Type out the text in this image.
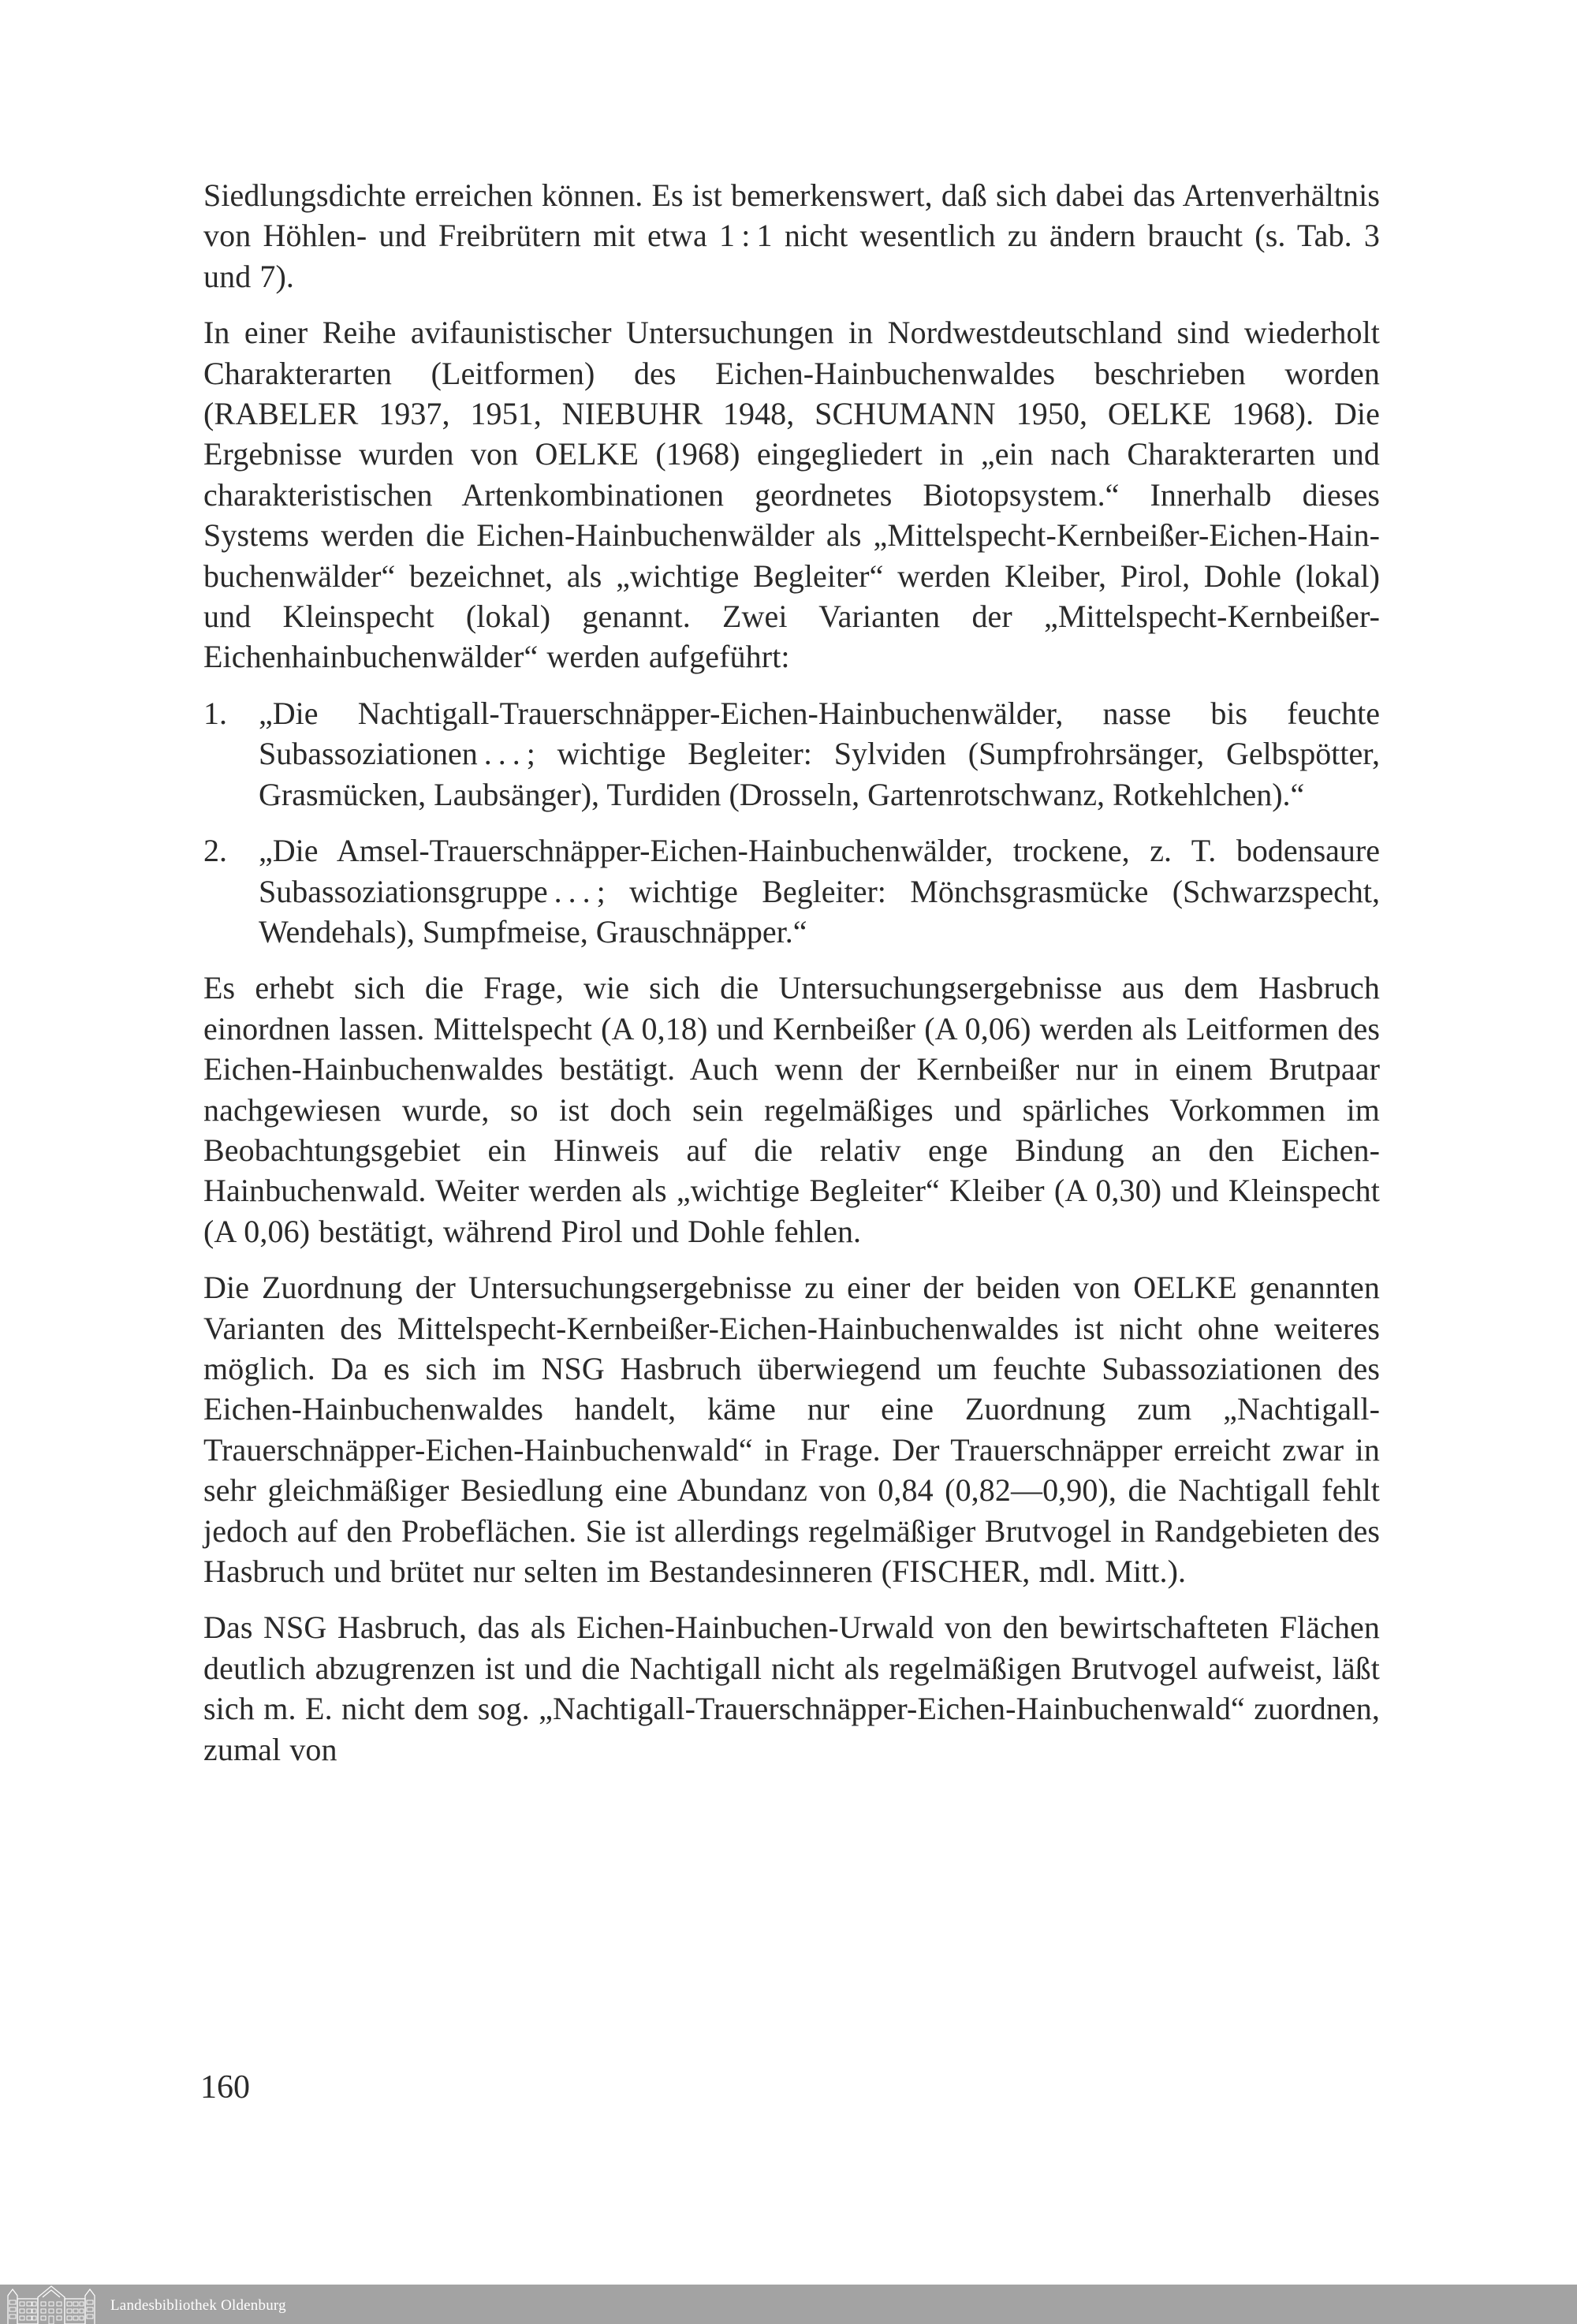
Siedlungsdichte erreichen können. Es ist bemerkenswert, daß sich dabei das Artenverhältnis von Höhlen- und Freibrütern mit etwa 1 : 1 nicht wesentlich zu ändern braucht (s. Tab. 3 und 7).

In einer Reihe avifaunistischer Untersuchungen in Nordwestdeutschland sind wiederholt Charakterarten (Leitformen) des Eichen-Hainbuchenwaldes beschrieben worden (RABELER 1937, 1951, NIEBUHR 1948, SCHUMANN 1950, OELKE 1968). Die Ergebnisse wurden von OELKE (1968) eingegliedert in „ein nach Charakterarten und charakteristischen Artenkombinationen geordnetes Biotopsystem.“ Innerhalb dieses Systems werden die Eichen-Hainbuchenwälder als „Mittelspecht-Kernbeißer-Eichen-Hainbuchenwälder“ bezeichnet, als „wichtige Begleiter“ werden Kleiber, Pirol, Dohle (lokal) und Kleinspecht (lokal) genannt. Zwei Varianten der „Mittelspecht-Kernbeißer-Eichenhainbuchenwälder“ werden aufgeführt:

1.	„Die Nachtigall-Trauerschnäpper-Eichen-Hainbuchenwälder, nasse bis feuchte Subassoziationen . . . ; wichtige Begleiter: Sylviden (Sumpfrohrsänger, Gelbspötter, Grasmücken, Laubsänger), Turdiden (Drosseln, Gartenrotschwanz, Rotkehlchen).“
2.	„Die Amsel-Trauerschnäpper-Eichen-Hainbuchenwälder, trockene, z. T. bodensaure Subassoziationsgruppe . . . ; wichtige Begleiter: Mönchsgrasmücke (Schwarzspecht, Wendehals), Sumpfmeise, Grauschnäpper.“

Es erhebt sich die Frage, wie sich die Untersuchungsergebnisse aus dem Hasbruch einordnen lassen. Mittelspecht (A 0,18) und Kernbeißer (A 0,06) werden als Leitformen des Eichen-Hainbuchenwaldes bestätigt. Auch wenn der Kernbeißer nur in einem Brutpaar nachgewiesen wurde, so ist doch sein regelmäßiges und spärliches Vorkommen im Beobachtungsgebiet ein Hinweis auf die relativ enge Bindung an den Eichen-Hainbuchenwald. Weiter werden als „wichtige Begleiter“ Kleiber (A 0,30) und Kleinspecht (A 0,06) bestätigt, während Pirol und Dohle fehlen.

Die Zuordnung der Untersuchungsergebnisse zu einer der beiden von OELKE genannten Varianten des Mittelspecht-Kernbeißer-Eichen-Hainbuchenwaldes ist nicht ohne weiteres möglich. Da es sich im NSG Hasbruch überwiegend um feuchte Subassoziationen des Eichen-Hainbuchenwaldes handelt, käme nur eine Zuordnung zum „Nachtigall-Trauerschnäpper-Eichen-Hainbuchenwald“ in Frage. Der Trauerschnäpper erreicht zwar in sehr gleichmäßiger Besiedlung eine Abundanz von 0,84 (0,82—0,90), die Nachtigall fehlt jedoch auf den Probeflächen. Sie ist allerdings regelmäßiger Brutvogel in Randgebieten des Hasbruch und brütet nur selten im Bestandesinneren (FISCHER, mdl. Mitt.).

Das NSG Hasbruch, das als Eichen-Hainbuchen-Urwald von den bewirtschafteten Flächen deutlich abzugrenzen ist und die Nachtigall nicht als regelmäßigen Brutvogel aufweist, läßt sich m. E. nicht dem sog. „Nachtigall-Trauerschnäpper-Eichen-Hainbuchenwald“ zuordnen, zumal von

160
Landesbibliothek Oldenburg
